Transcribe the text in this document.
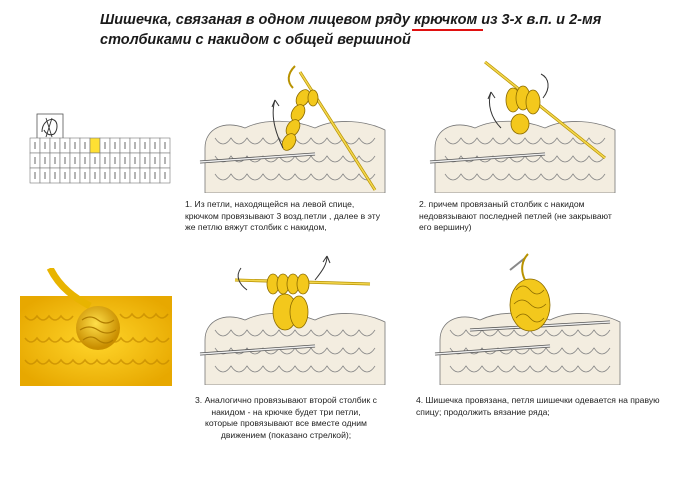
Шишечка, связаная в одном лицевом ряду крючком из 3-х в.п. и 2-мя
столбиками с накидом с общей вершиной
1. Из петли, находящейся на левой спице,
крючком провязывают 3 возд.петли , далее в эту
же петлю вяжут столбик с накидом,
2. причем провязаный столбик с накидом
недовязывают последней петлей (не закрывают
его вершину)
3. Аналогично провязывают второй столбик с
накидом - на крючке будет три петли,
которые провязывают все вместе одним
движением (показано стрелкой);
4. Шишечка провязана, петля шишечки одевается на правую
спицу; продолжить вязание ряда;
